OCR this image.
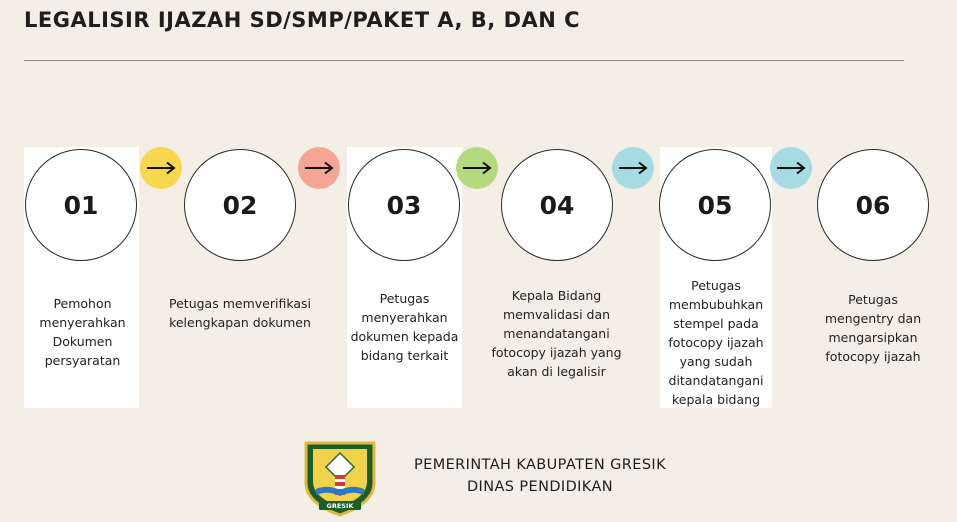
LEGALISIR IJAZAH SD/SMP/PAKET A, B, DAN C
01	02	03	04	05	06
Pemohon menyerahkan Dokumen persyaratan
Petugas memverifikasi kelengkapan dokumen
Petugas menyerahkan dokumen kepada bidang terkait
Kepala Bidang memvalidasi dan menandatangani fotocopy ijazah yang akan di legalisir
Petugas membubuhkan stempel pada fotocopy ijazah yang sudah ditandatangani kepala bidang
Petugas mengentry dan mengarsipkan fotocopy ijazah
GRESIK
PEMERINTAH KABUPATEN GRESIK
DINAS PENDIDIKAN
